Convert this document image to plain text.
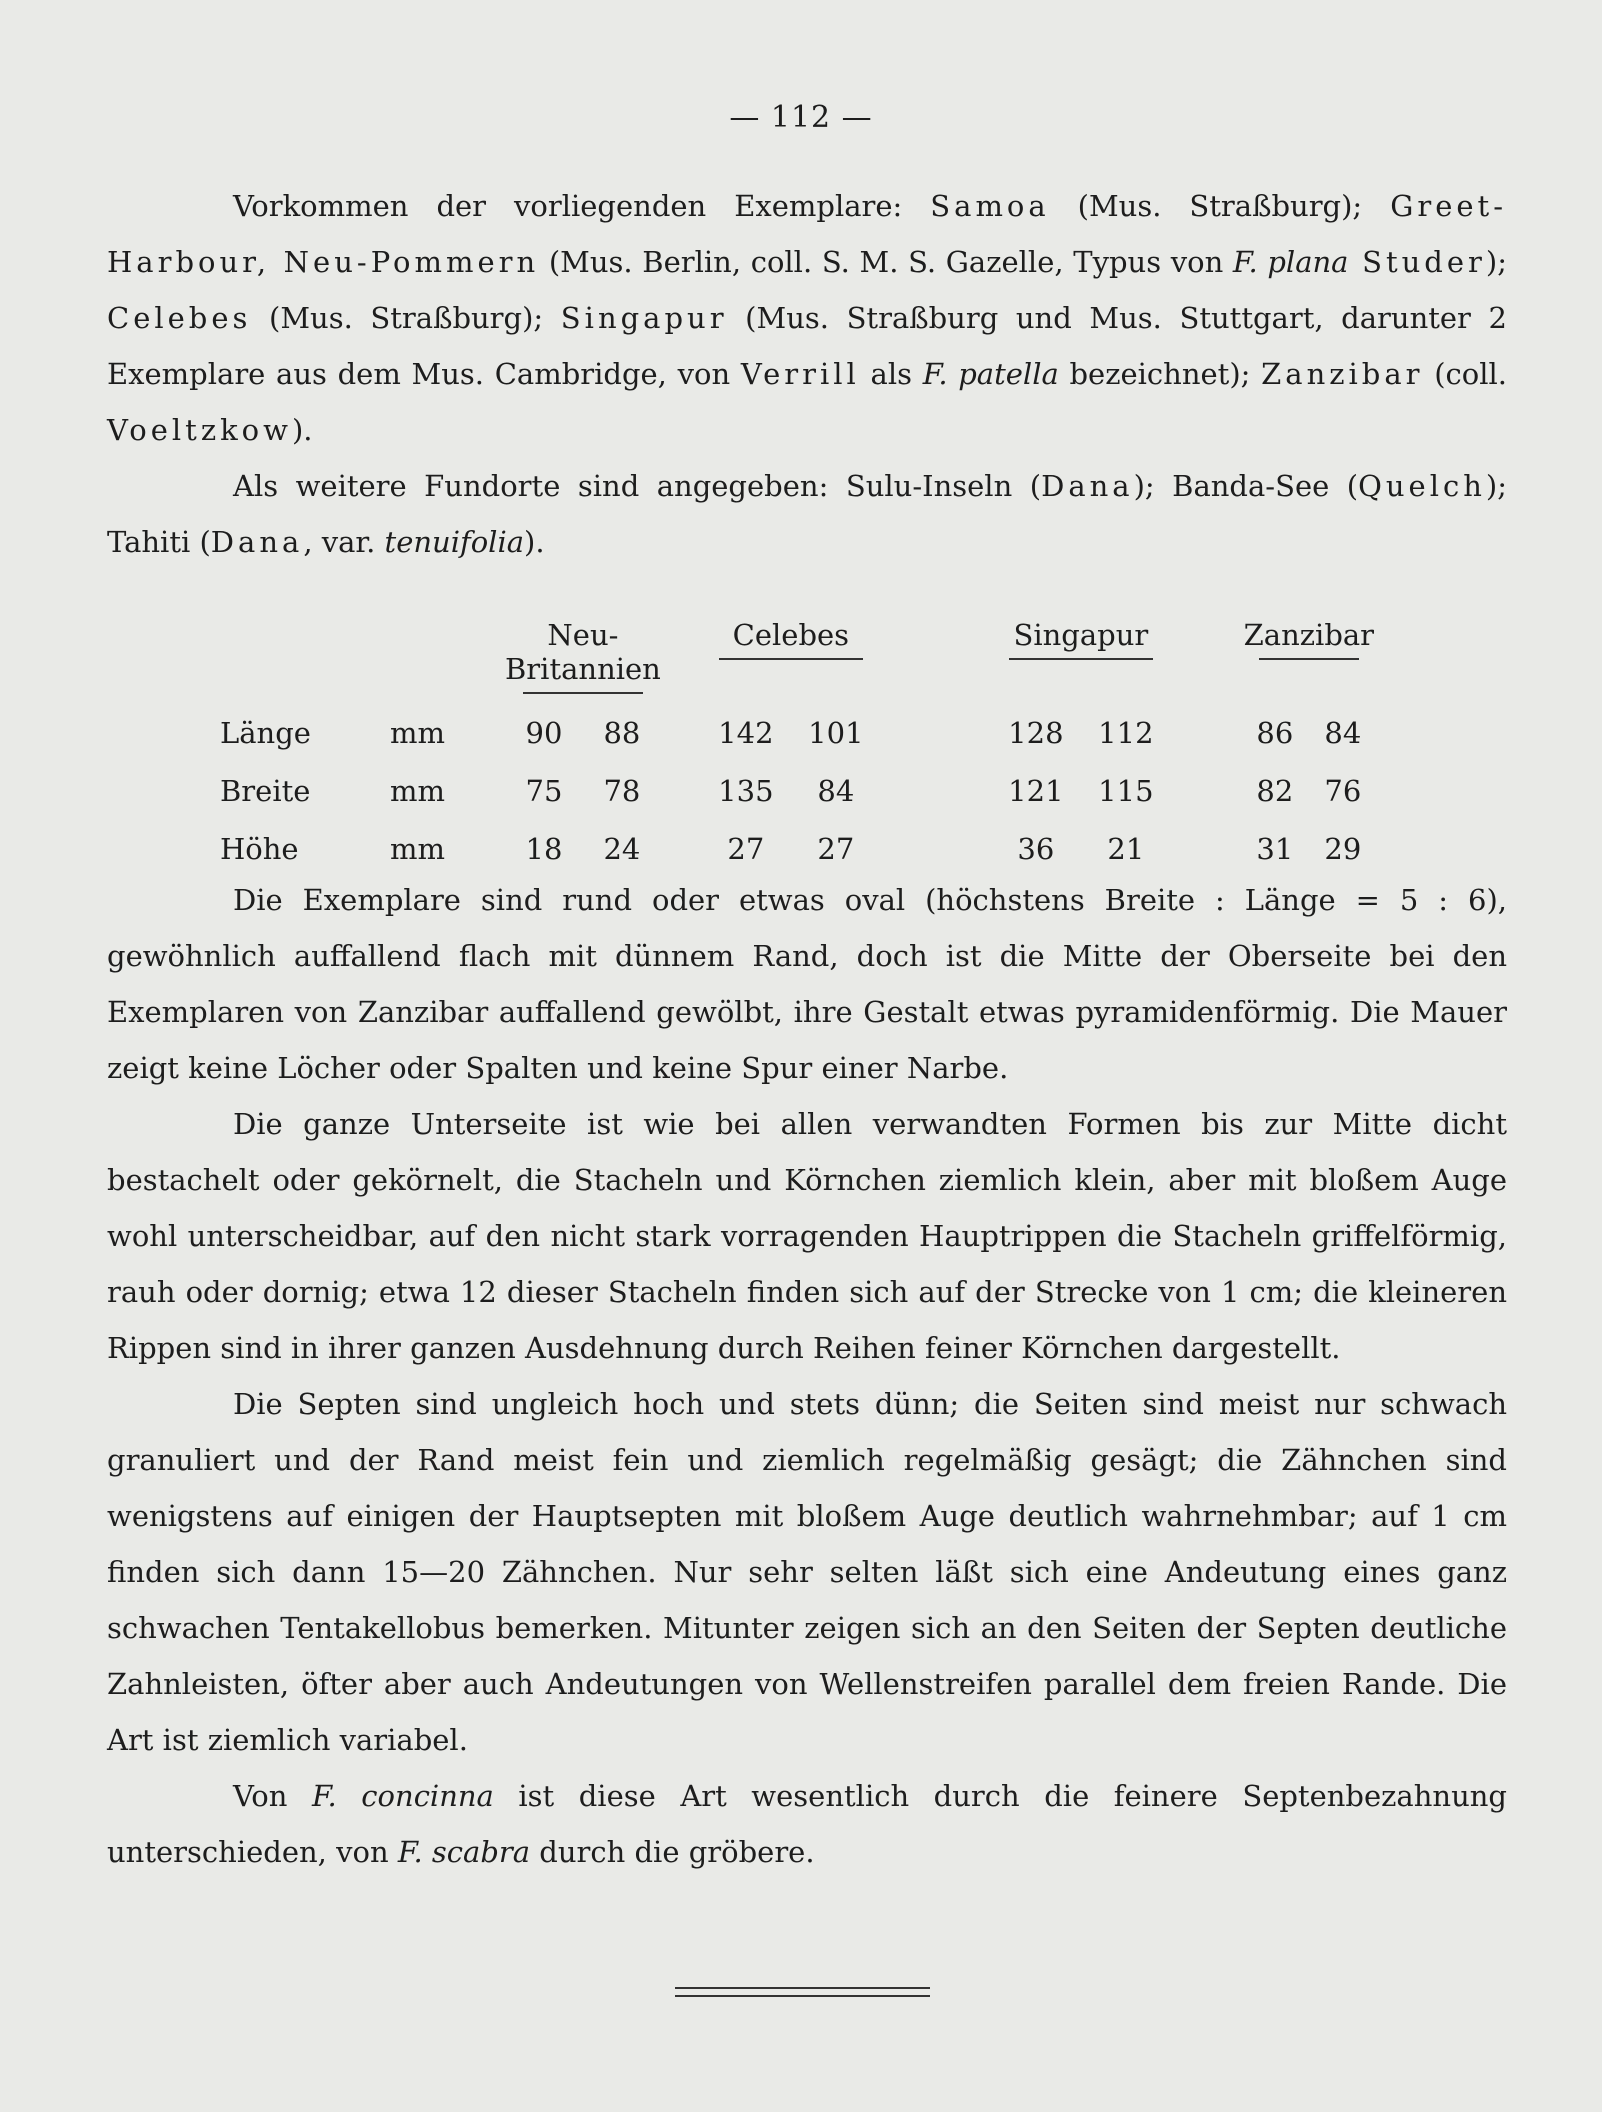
— 112 —

Vorkommen der vorliegenden Exemplare: Samoa (Mus. Straßburg); Greet-Harbour, Neu-Pommern (Mus. Berlin, coll. S. M. S. Gazelle, Typus von F. plana Studer); Celebes (Mus. Straßburg); Singapur (Mus. Straßburg und Mus. Stuttgart, darunter 2 Exemplare aus dem Mus. Cambridge, von Verrill als F. patella bezeichnet); Zanzibar (coll. Voeltzkow).

Als weitere Fundorte sind angegeben: Sulu-Inseln (Dana); Banda-See (Quelch); Tahiti (Dana, var. tenuifolia).

		Neu-Britannien			Celebes			Singapur			Zanzibar	

Länge	mm	90	88		142	101		128	112		86	84
Breite	mm	75	78		135	84		121	115		82	76
Höhe	mm	18	24		27	27		36	21		31	29

Die Exemplare sind rund oder etwas oval (höchstens Breite : Länge = 5 : 6), gewöhnlich auffallend flach mit dünnem Rand, doch ist die Mitte der Oberseite bei den Exemplaren von Zanzibar auffallend gewölbt, ihre Gestalt etwas pyramidenförmig. Die Mauer zeigt keine Löcher oder Spalten und keine Spur einer Narbe.

Die ganze Unterseite ist wie bei allen verwandten Formen bis zur Mitte dicht bestachelt oder gekörnelt, die Stacheln und Körnchen ziemlich klein, aber mit bloßem Auge wohl unterscheidbar, auf den nicht stark vorragenden Hauptrippen die Stacheln griffelförmig, rauh oder dornig; etwa 12 dieser Stacheln finden sich auf der Strecke von 1 cm; die kleineren Rippen sind in ihrer ganzen Ausdehnung durch Reihen feiner Körnchen dargestellt.

Die Septen sind ungleich hoch und stets dünn; die Seiten sind meist nur schwach granuliert und der Rand meist fein und ziemlich regelmäßig gesägt; die Zähnchen sind wenigstens auf einigen der Hauptsepten mit bloßem Auge deutlich wahrnehmbar; auf 1 cm finden sich dann 15—20 Zähnchen. Nur sehr selten läßt sich eine Andeutung eines ganz schwachen Tentakellobus bemerken. Mitunter zeigen sich an den Seiten der Septen deutliche Zahnleisten, öfter aber auch Andeutungen von Wellenstreifen parallel dem freien Rande. Die Art ist ziemlich variabel.

Von F. concinna ist diese Art wesentlich durch die feinere Septenbezahnung unterschieden, von F. scabra durch die gröbere.
